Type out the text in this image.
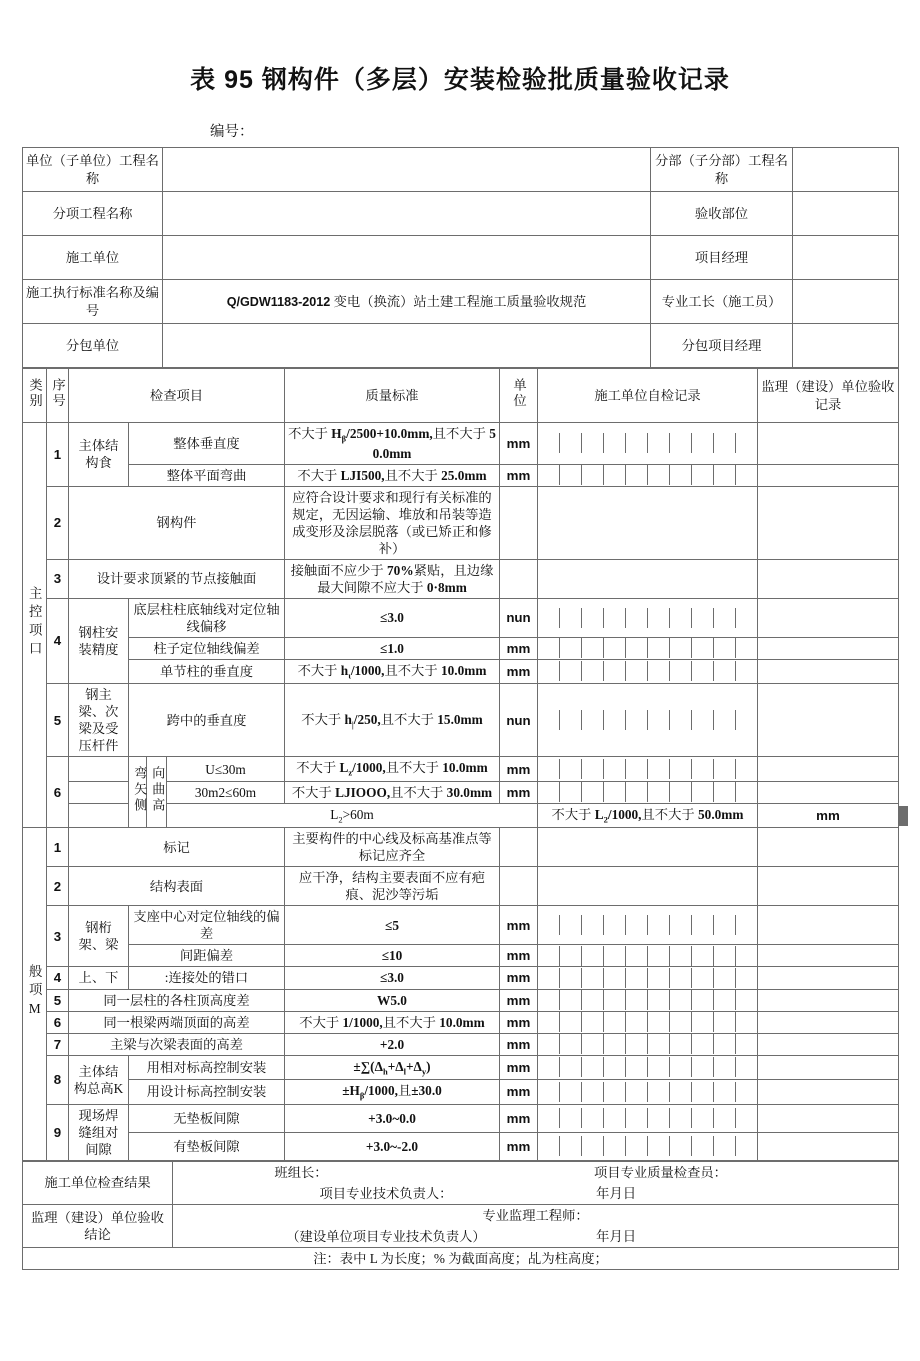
表 95 钢构件（多层）安装检验批质量验收记录
编号：
单位（子单位）工程名称		分部（子分部）工程名称	
分项工程名称		验收部位	
施工单位		项目经理	
施工执行标准名称及编号	Q/GDW1183-2012 变电（换流）站土建工程施工质量验收规范	专业工长（施工员）	
分包单位		分包项目经理	
类别	序号	检查项目				质量标准	单位	施工单位自检记录	监理（建设）单位验收记录	
主控项口	1	主体结构食	整体垂直度			不大于 $H_\beta/2500+10.0mm$,且不大于 50.0mm	mm		

			整体平面弯曲			不大于 LJI500,且不大于 25.0mm	mm		

	2	钢构件				应符合设计要求和现行有关标准的规定，无因运输、堆放和吊装等造成变形及涂层脱落（或已矫正和修补）				
	3	设计要求顶紧的节点接触面				接触面不应少于 70%紧贴，且边缘最大间隙不应大于 0·8mm				
	4	钢柱安装精度	底层柱柱底轴线对定位轴线偏移			≤3.0	nun		

			柱子定位轴线偏差			≤1.0	mm		

			单节柱的垂直度			不大于 $h_\iota/1000$,且不大于 10.0mm	mm		

	5	钢主梁、次梁及受压杆件	跨中的垂直度			不大于 $h_|/250$,且不大于 15.0mm	nun		

	6		弯矢侧	向曲高	U≤30m	不大于 $L_z/1000$,且不大于 10.0mm	mm		

					30m2≤60m	不大于 LJIOOO,且不大于 30.0mm	mm		

					$L_2>60m$			不大于 $L_2/1000$,且不大于 50.0mm	mm	

般项M	1	标记				主要构件的中心线及标高基准点等标记应齐全				
	2	结构表面				应干净，结构主要表面不应有疤痕、泥沙等污垢				
	3	钢桁架、梁	支座中心对定位轴线的偏差			≤5	mm		

			间距偏差			≤10	mm		

	4	上、下	:连接处的错口			≤3.0	mm		

	5	同一层柱的各柱顶高度差				W5.0	mm		

	6	同一根梁两端顶面的高差				不大于 1/1000,且不大于 10.0mm	mm		

	7	主梁与次梁表面的高差				+2.0	mm		

	8	主体结构总高K	用相对标高控制安装			$\pm\sum(\Delta_h+\Delta_l+\Delta_y)$	mm		

			用设计标高控制安装			$\pm H_\beta/1000$,且±30.0	mm		

	9	现场焊缝组对间隙	无垫板间隙			+3.0~0.0	mm		

			有垫板间隙			+3.0~-2.0	mm		

施工单位检查结果	班组长： 项目专业质量检查员：
项目专业技术负责人： 年月日

监理（建设）单位验收结论	专业监理工程师：
（建设单位项目专业技术负责人） 年月日

注：表中 L 为长度；% 为截面高度；乩为柱高度；	
